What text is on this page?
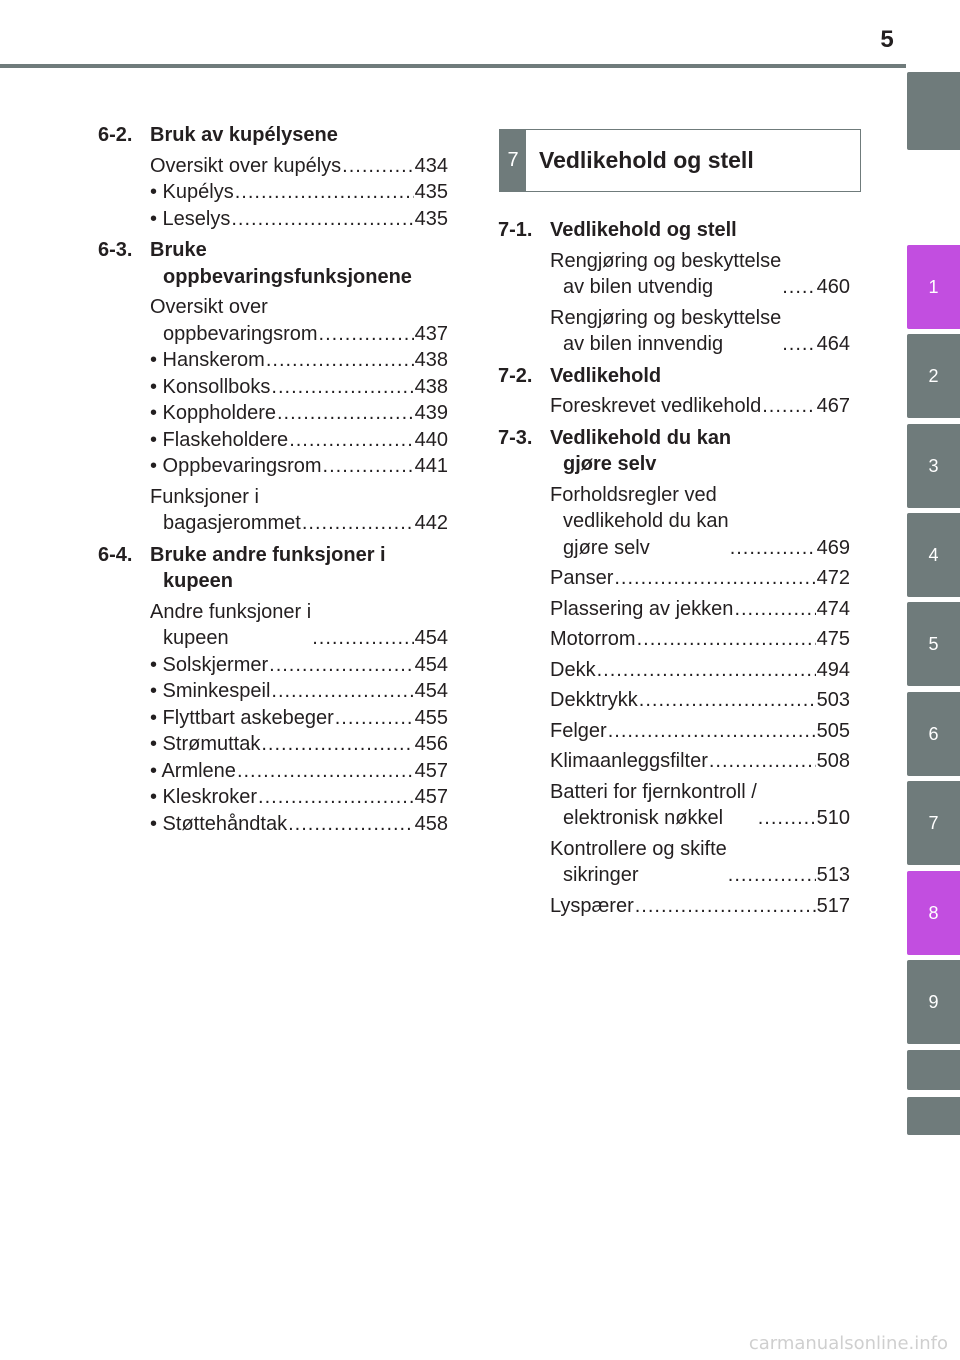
5
1
2
3
4
5
6
7
8
9
6-2. Bruk av kupélysene
Oversikt over kupélys .....	434
• Kupélys .....	435
• Leselys .....	435
6-3. Bruke
oppbevaringsfunksjonene
Oversikt over
oppbevaringsrom .....	437
• Hanskerom .....	438
• Konsollboks .....	438
• Koppholdere .....	439
• Flaskeholdere .....	440
• Oppbevaringsrom .....	441
Funksjoner i
bagasjerommet .....	442
6-4. Bruke andre funksjoner i
kupeen
Andre funksjoner i
kupeen .....	454
• Solskjermer .....	454
• Sminkespeil .....	454
• Flyttbart askebeger .....	455
• Strømuttak .....	456
• Armlene .....	457
• Kleskroker .....	457
• Støttehåndtak .....	458
7 Vedlikehold og stell
7-1. Vedlikehold og stell
Rengjøring og beskyttelse
av bilen utvendig .....	460
Rengjøring og beskyttelse
av bilen innvendig .....	464
7-2. Vedlikehold
Foreskrevet vedlikehold .....	467
7-3. Vedlikehold du kan
gjøre selv
Forholdsregler ved
vedlikehold du kan
gjøre selv .....	469
Panser .....	472
Plassering av jekken .....	474
Motorrom .....	475
Dekk .....	494
Dekktrykk .....	503
Felger .....	505
Klimaanleggsfilter .....	508
Batteri for fjernkontroll /
elektronisk nøkkel .....	510
Kontrollere og skifte
sikringer .....	513
Lyspærer .....	517
carmanualsonline.info
